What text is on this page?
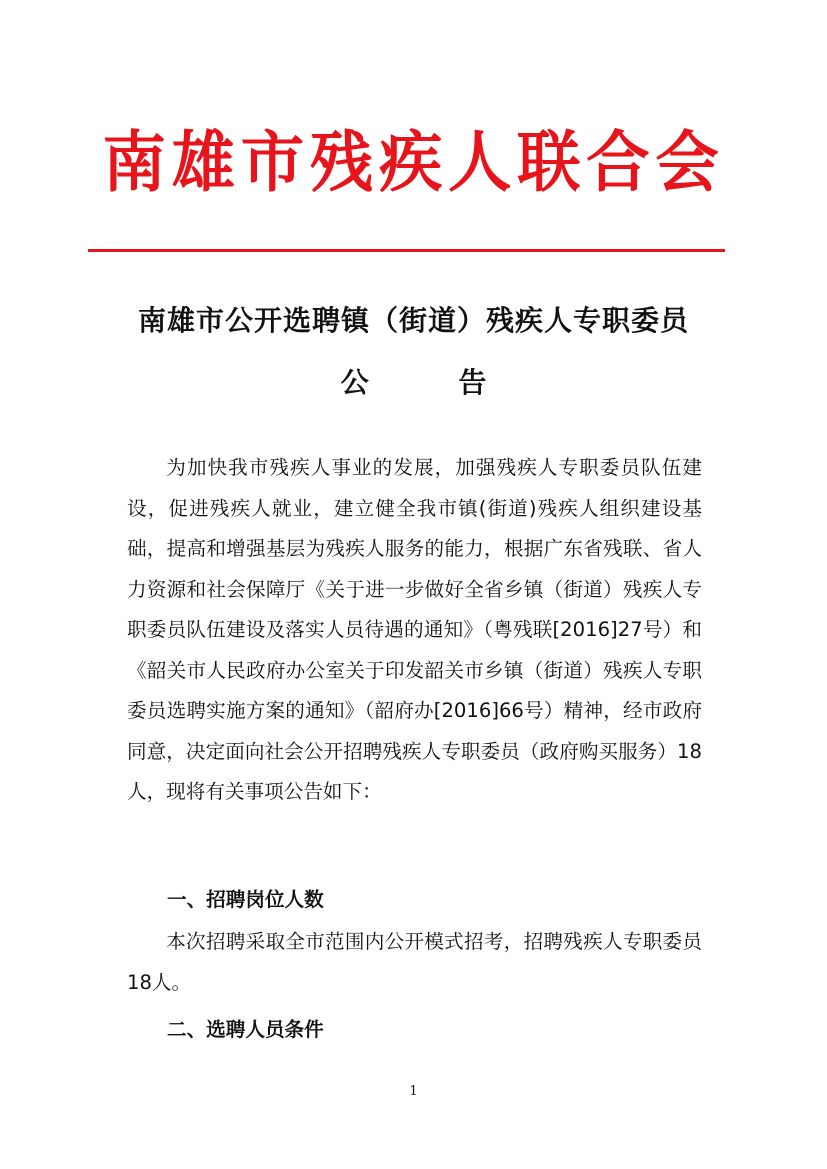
南雄市残疾人联合会
南雄市公开选聘镇（街道）残疾人专职委员
公 告

为加快我市残疾人事业的发展，加强残疾人专职委员队伍建设，促进残疾人就业，建立健全我市镇(街道)残疾人组织建设基础，提高和增强基层为残疾人服务的能力，根据广东省残联、省人力资源和社会保障厅《关于进一步做好全省乡镇（街道）残疾人专职委员队伍建设及落实人员待遇的通知》（粤残联[2016]27号）和《韶关市人民政府办公室关于印发韶关市乡镇（街道）残疾人专职委员选聘实施方案的通知》（韶府办[2016]66号）精神，经市政府同意，决定面向社会公开招聘残疾人专职委员（政府购买服务）18人，现将有关事项公告如下：

一、招聘岗位人数

本次招聘采取全市范围内公开模式招考，招聘残疾人专职委员18人。

二、选聘人员条件
1
